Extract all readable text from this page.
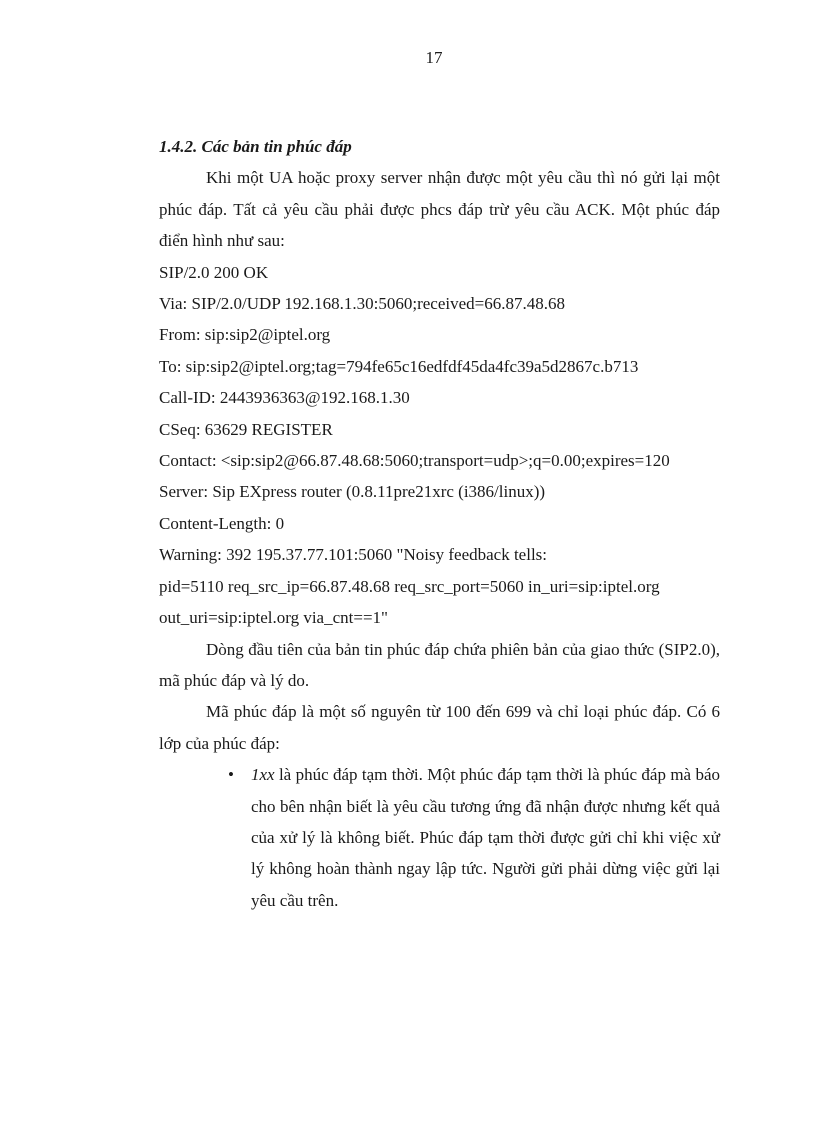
17

1.4.2. Các bản tin phúc đáp

Khi một UA hoặc proxy server nhận được một yêu cầu thì nó gửi lại một phúc đáp. Tất cả yêu cầu phải được phcs đáp trừ yêu cầu ACK. Một phúc đáp điển hình như sau:

SIP/2.0 200 OK

Via: SIP/2.0/UDP 192.168.1.30:5060;received=66.87.48.68

From: sip:sip2@iptel.org

To: sip:sip2@iptel.org;tag=794fe65c16edfdf45da4fc39a5d2867c.b713

Call-ID: 2443936363@192.168.1.30

CSeq: 63629 REGISTER

Contact: <sip:sip2@66.87.48.68:5060;transport=udp>;q=0.00;expires=120

Server: Sip EXpress router (0.8.11pre21xrc (i386/linux))

Content-Length: 0

Warning: 392 195.37.77.101:5060 "Noisy feedback tells:

pid=5110 req_src_ip=66.87.48.68 req_src_port=5060 in_uri=sip:iptel.org

out_uri=sip:iptel.org via_cnt==1"

Dòng đầu tiên của bản tin phúc đáp chứa phiên bản của giao thức (SIP2.0), mã phúc đáp và lý do.

Mã phúc đáp là một số nguyên từ 100 đến 699 và chỉ loại phúc đáp. Có 6 lớp của phúc đáp:

• 1xx là phúc đáp tạm thời. Một phúc đáp tạm thời là phúc đáp mà báo cho bên nhận biết là yêu cầu tương ứng đã nhận được nhưng kết quả của xử lý là không biết. Phúc đáp tạm thời được gửi chỉ khi việc xử lý không hoàn thành ngay lập tức. Người gửi phải dừng việc gửi lại yêu cầu trên.
